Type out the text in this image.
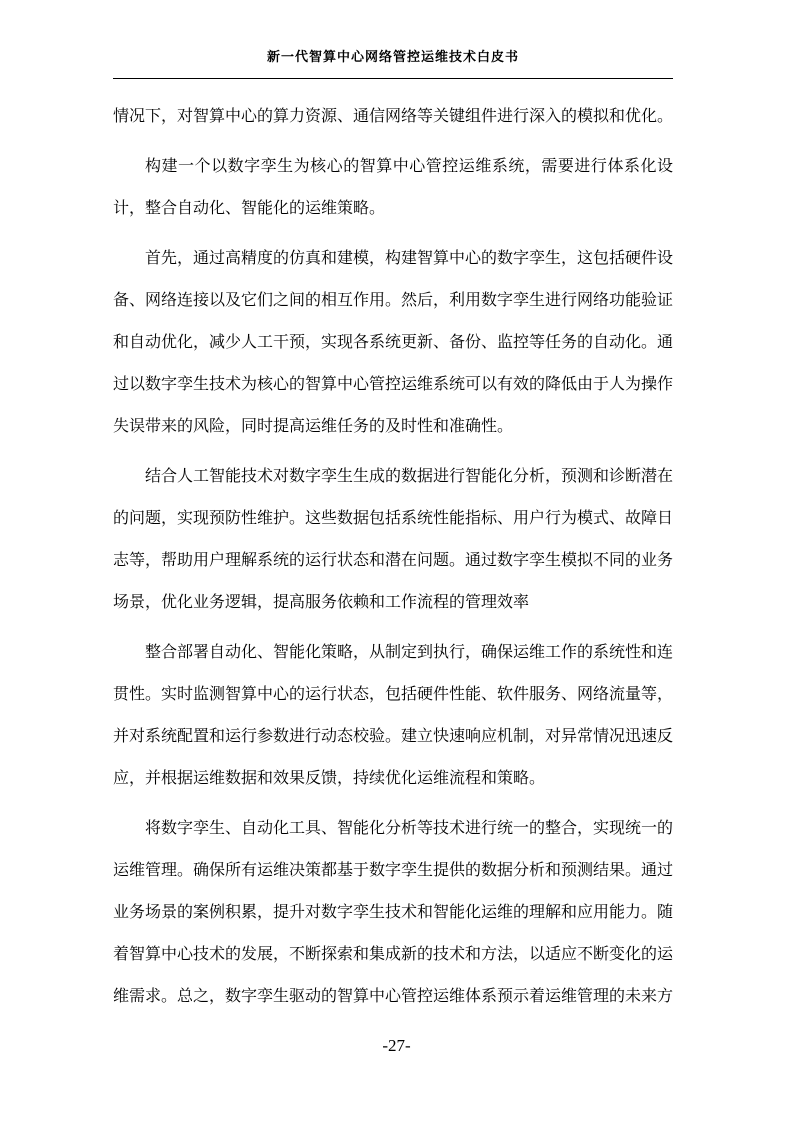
新一代智算中心网络管控运维技术白皮书

情况下，对智算中心的算力资源、通信网络等关键组件进行深入的模拟和优化。

构建一个以数字孪生为核心的智算中心管控运维系统，需要进行体系化设计，整合自动化、智能化的运维策略。

首先，通过高精度的仿真和建模，构建智算中心的数字孪生，这包括硬件设备、网络连接以及它们之间的相互作用。然后，利用数字孪生进行网络功能验证和自动优化，减少人工干预，实现各系统更新、备份、监控等任务的自动化。通过以数字孪生技术为核心的智算中心管控运维系统可以有效的降低由于人为操作失误带来的风险，同时提高运维任务的及时性和准确性。

结合人工智能技术对数字孪生生成的数据进行智能化分析，预测和诊断潜在的问题，实现预防性维护。这些数据包括系统性能指标、用户行为模式、故障日志等，帮助用户理解系统的运行状态和潜在问题。通过数字孪生模拟不同的业务场景，优化业务逻辑，提高服务依赖和工作流程的管理效率

整合部署自动化、智能化策略，从制定到执行，确保运维工作的系统性和连贯性。实时监测智算中心的运行状态，包括硬件性能、软件服务、网络流量等，并对系统配置和运行参数进行动态校验。建立快速响应机制，对异常情况迅速反应，并根据运维数据和效果反馈，持续优化运维流程和策略。

将数字孪生、自动化工具、智能化分析等技术进行统一的整合，实现统一的运维管理。确保所有运维决策都基于数字孪生提供的数据分析和预测结果。通过业务场景的案例积累，提升对数字孪生技术和智能化运维的理解和应用能力。随着智算中心技术的发展，不断探索和集成新的技术和方法，以适应不断变化的运维需求。总之，数字孪生驱动的智算中心管控运维体系预示着运维管理的未来方

-27-
